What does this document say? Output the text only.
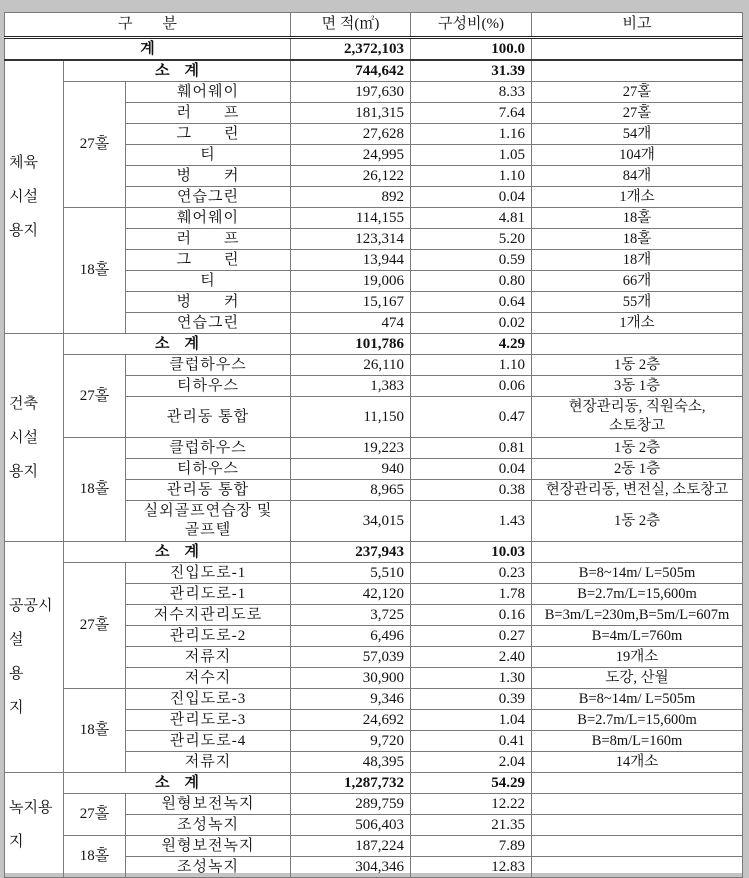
구　　분			면 적(㎡)	구성비(%)	비고
계			2,372,103	100.0	
체육
시설
용지	소　계		744,642	31.39	
	27홀	훼어웨이	197,630	8.33	27홀
		러　　프	181,315	7.64	27홀
		그　　린	27,628	1.16	54개
		티	24,995	1.05	104개
		벙　　커	26,122	1.10	84개
		연습그린	892	0.04	1개소
	18홀	훼어웨이	114,155	4.81	18홀
		러　　프	123,314	5.20	18홀
		그　　린	13,944	0.59	18개
		티	19,006	0.80	66개
		벙　　커	15,167	0.64	55개
		연습그린	474	0.02	1개소
건축
시설
용지	소　계		101,786	4.29	
	27홀	클럽하우스	26,110	1.10	1동 2층
		티하우스	1,383	0.06	3동 1층
		관리동 통합	11,150	0.47	현장관리동, 직원숙소,
소토창고
	18홀	클럽하우스	19,223	0.81	1동 2층
		티하우스	940	0.04	2동 1층
		관리동 통합	8,965	0.38	현장관리동, 변전실, 소토창고
		실외골프연습장 및
골프텔	34,015	1.43	1동 2층
공공시설
용　　지	소　계		237,943	10.03	
	27홀	진입도로-1	5,510	0.23	B=8~14m/ L=505m
		관리도로-1	42,120	1.78	B=2.7m/L=15,600m
		저수지관리도로	3,725	0.16	B=3m/L=230m,B=5m/L=607m
		관리도로-2	6,496	0.27	B=4m/L=760m
		저류지	57,039	2.40	19개소
		저수지	30,900	1.30	도강, 산월
	18홀	진입도로-3	9,346	0.39	B=8~14m/ L=505m
		관리도로-3	24,692	1.04	B=2.7m/L=15,600m
		관리도로-4	9,720	0.41	B=8m/L=160m
		저류지	48,395	2.04	14개소
녹지용지	소　계		1,287,732	54.29	
	27홀	원형보전녹지	289,759	12.22	
		조성녹지	506,403	21.35	
	18홀	원형보전녹지	187,224	7.89	
		조성녹지	304,346	12.83	
